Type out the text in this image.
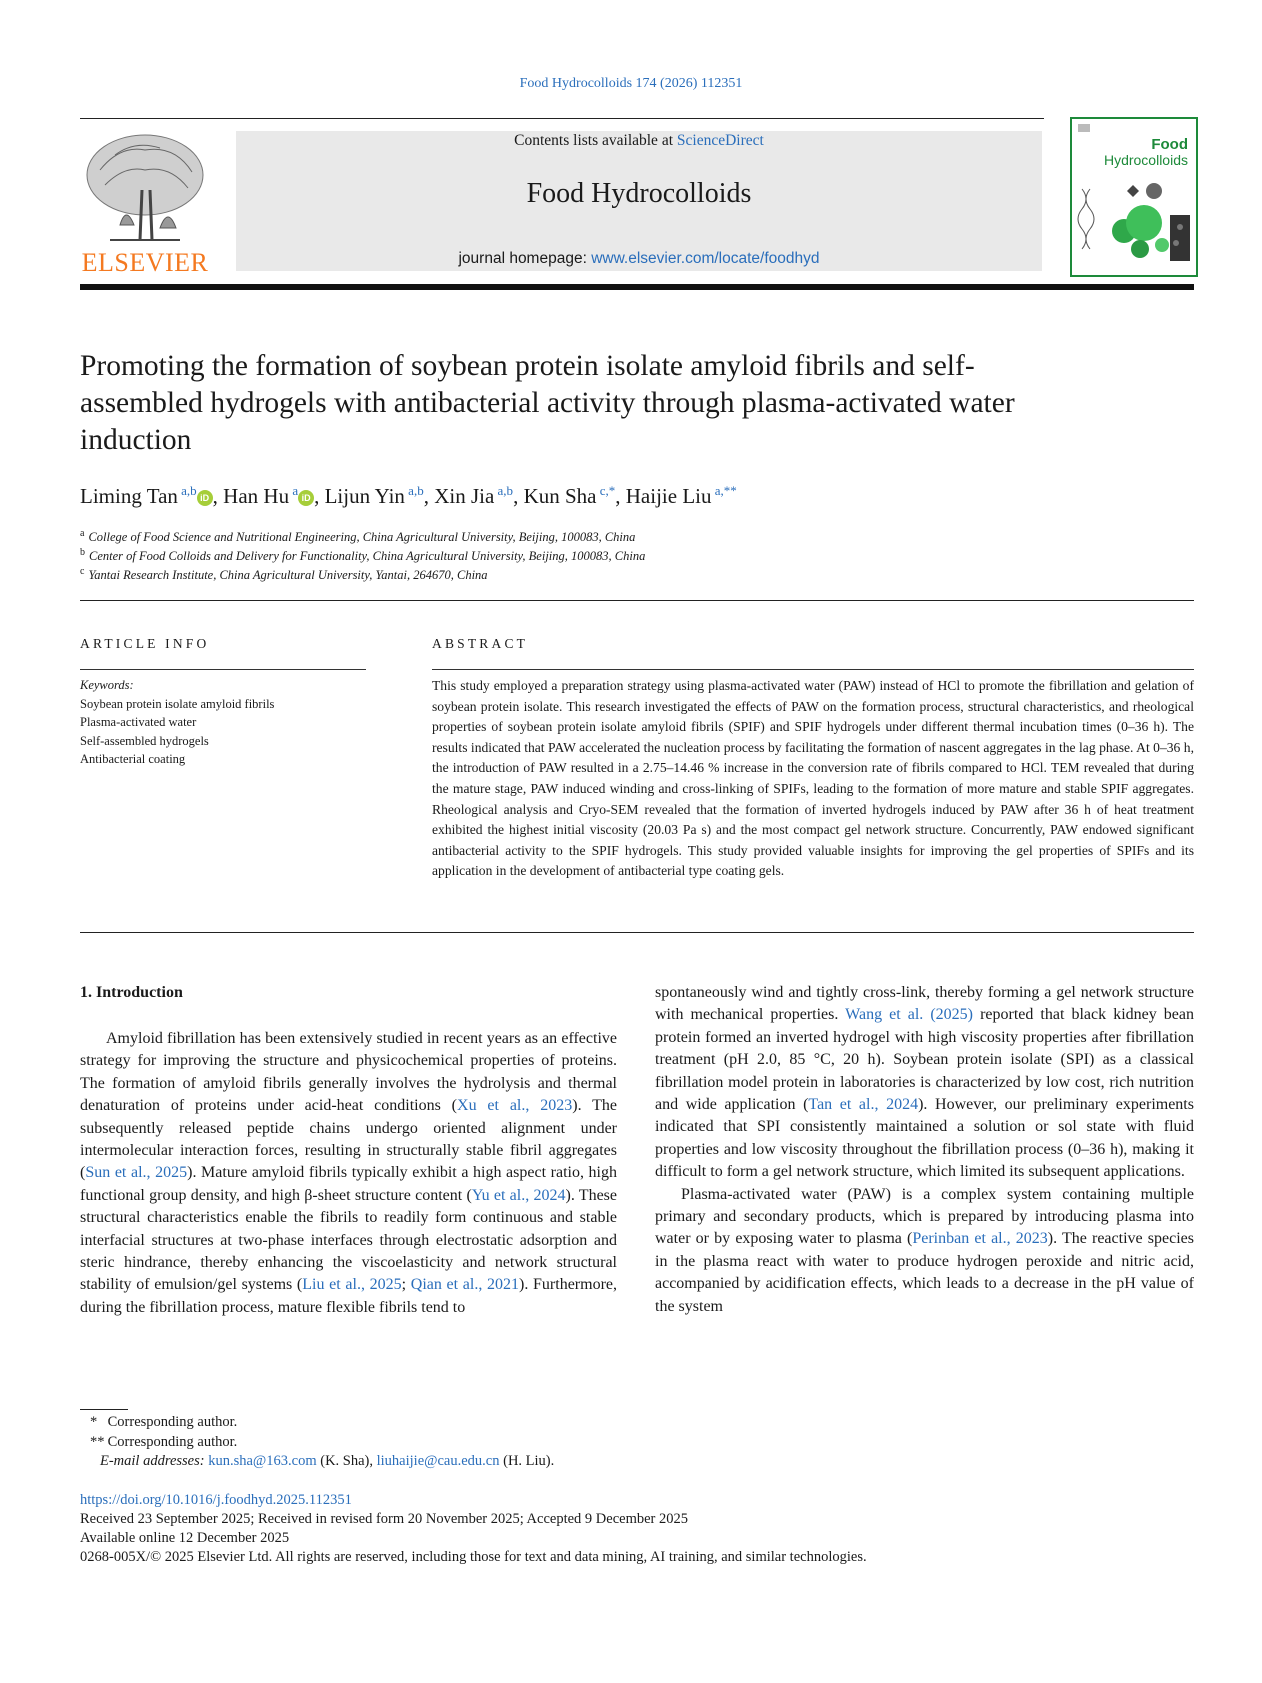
Food Hydrocolloids 174 (2026) 112351
ELSEVIER
Contents lists available at ScienceDirect
Food Hydrocolloids
journal homepage: www.elsevier.com/locate/foodhyd
Food
Hydrocolloids
Promoting the formation of soybean protein isolate amyloid fibrils and self-assembled hydrogels with antibacterial activity through plasma-activated water induction
Liming Tan $^{a,b}$ iD , Han Hu $^a$ iD , Lijun Yin $^{a,b}$, Xin Jia $^{a,b}$, Kun Sha $^{c,*}$, Haijie Liu $^{a,**}$
$^a$ College of Food Science and Nutritional Engineering, China Agricultural University, Beijing, 100083, China
$^b$ Center of Food Colloids and Delivery for Functionality, China Agricultural University, Beijing, 100083, China
$^c$ Yantai Research Institute, China Agricultural University, Yantai, 264670, China
ARTICLE INFO
Keywords:
Soybean protein isolate amyloid fibrils
Plasma-activated water
Self-assembled hydrogels
Antibacterial coating
ABSTRACT
This study employed a preparation strategy using plasma-activated water (PAW) instead of HCl to promote the fibrillation and gelation of soybean protein isolate. This research investigated the effects of PAW on the formation process, structural characteristics, and rheological properties of soybean protein isolate amyloid fibrils (SPIF) and SPIF hydrogels under different thermal incubation times (0–36 h). The results indicated that PAW accelerated the nucleation process by facilitating the formation of nascent aggregates in the lag phase. At 0–36 h, the introduction of PAW resulted in a 2.75–14.46 % increase in the conversion rate of fibrils compared to HCl. TEM revealed that during the mature stage, PAW induced winding and cross-linking of SPIFs, leading to the formation of more mature and stable SPIF aggregates. Rheological analysis and Cryo-SEM revealed that the formation of inverted hydrogels induced by PAW after 36 h of heat treatment exhibited the highest initial viscosity (20.03 Pa s) and the most compact gel network structure. Concurrently, PAW endowed significant antibacterial activity to the SPIF hydrogels. This study provided valuable insights for improving the gel properties of SPIFs and its application in the development of antibacterial type coating gels.
1. Introduction

Amyloid fibrillation has been extensively studied in recent years as an effective strategy for improving the structure and physicochemical properties of proteins. The formation of amyloid fibrils generally involves the hydrolysis and thermal denaturation of proteins under acid-heat conditions (Xu et al., 2023). The subsequently released peptide chains undergo oriented alignment under intermolecular interaction forces, resulting in structurally stable fibril aggregates (Sun et al., 2025). Mature amyloid fibrils typically exhibit a high aspect ratio, high functional group density, and high β-sheet structure content (Yu et al., 2024). These structural characteristics enable the fibrils to readily form continuous and stable interfacial structures at two-phase interfaces through electrostatic adsorption and steric hindrance, thereby enhancing the viscoelasticity and network structural stability of emulsion/gel systems (Liu et al., 2025; Qian et al., 2021). Furthermore, during the fibrillation process, mature flexible fibrils tend to

spontaneously wind and tightly cross-link, thereby forming a gel network structure with mechanical properties. Wang et al. (2025) reported that black kidney bean protein formed an inverted hydrogel with high viscosity properties after fibrillation treatment (pH 2.0, 85 °C, 20 h). Soybean protein isolate (SPI) as a classical fibrillation model protein in laboratories is characterized by low cost, rich nutrition and wide application (Tan et al., 2024). However, our preliminary experiments indicated that SPI consistently maintained a solution or sol state with fluid properties and low viscosity throughout the fibrillation process (0–36 h), making it difficult to form a gel network structure, which limited its subsequent applications.

Plasma-activated water (PAW) is a complex system containing multiple primary and secondary products, which is prepared by introducing plasma into water or by exposing water to plasma (Perinban et al., 2023). The reactive species in the plasma react with water to produce hydrogen peroxide and nitric acid, accompanied by acidification effects, which leads to a decrease in the pH value of the system

* Corresponding author.
** Corresponding author.
E-mail addresses: kun.sha@163.com (K. Sha), liuhaijie@cau.edu.cn (H. Liu).
https://doi.org/10.1016/j.foodhyd.2025.112351
Received 23 September 2025; Received in revised form 20 November 2025; Accepted 9 December 2025
Available online 12 December 2025
0268-005X/© 2025 Elsevier Ltd. All rights are reserved, including those for text and data mining, AI training, and similar technologies.
